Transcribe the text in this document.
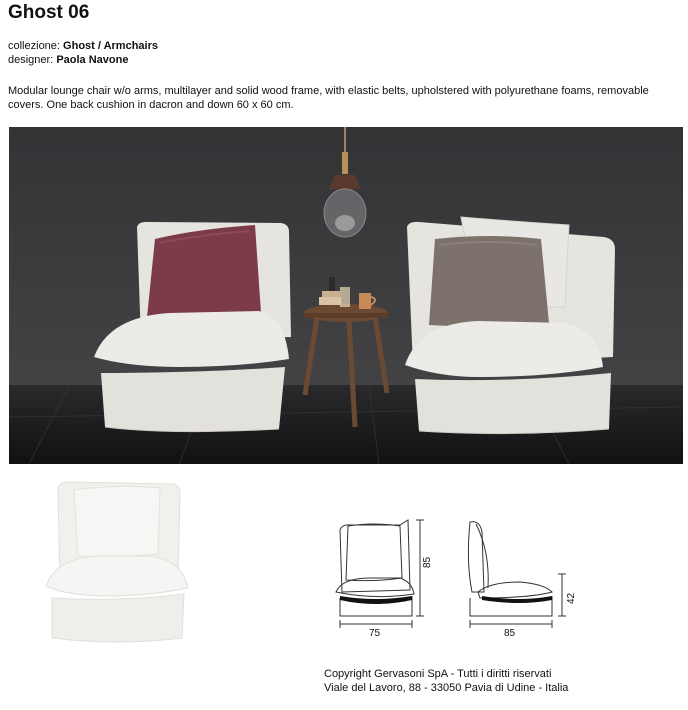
Ghost 06
collezione: Ghost / Armchairs
designer: Paola Navone
Modular lounge chair w/o arms, multilayer and solid wood frame, with elastic belts, upholstered with polyurethane foams, removable covers. One back cushion in dacron and down 60 x 60 cm.
75
85
85
42
Copyright Gervasoni SpA - Tutti i diritti riservati
Viale del Lavoro, 88 - 33050 Pavia di Udine - Italia
